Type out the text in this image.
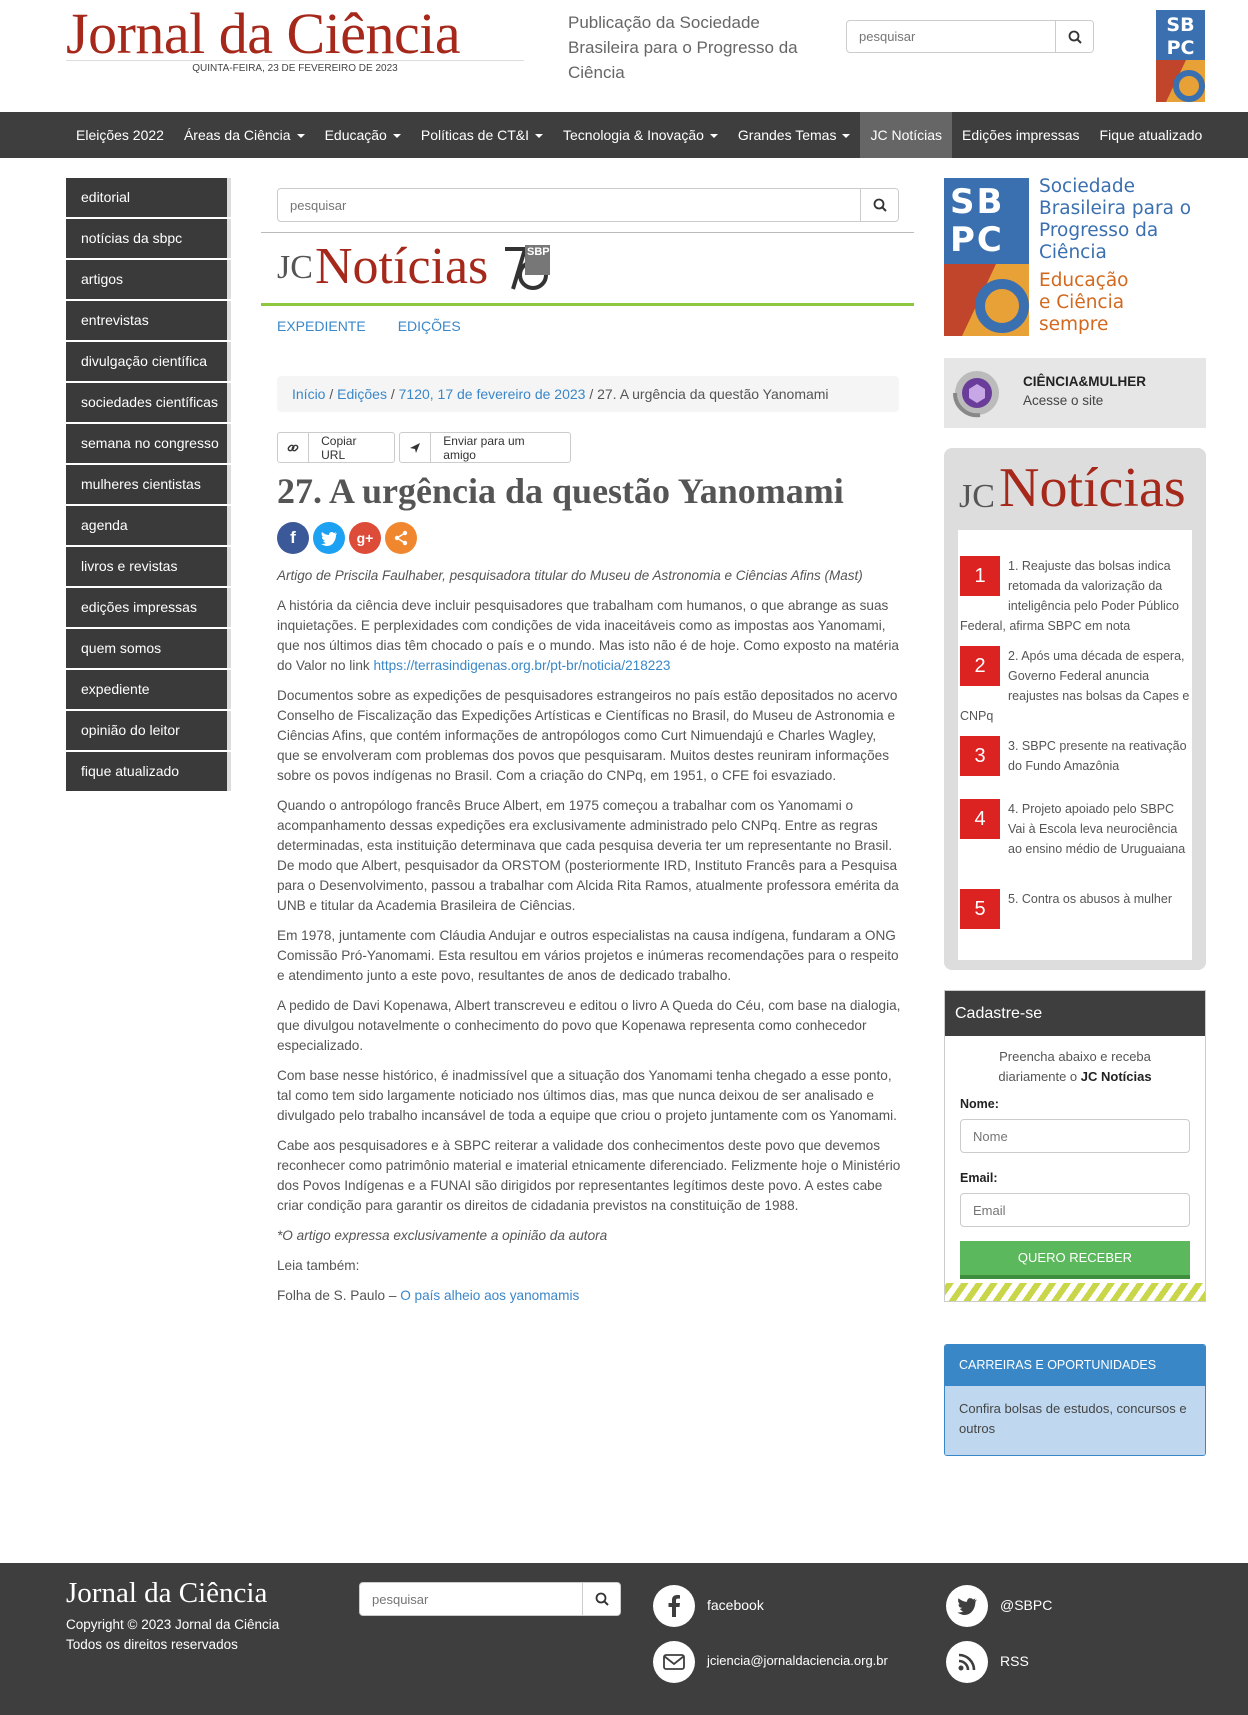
Jornal da Ciência
QUINTA-FEIRA, 23 DE FEVEREIRO DE 2023
Publicação da Sociedade Brasileira para o Progresso da Ciência
pesquisar
SB
PC
Eleições 2022	Áreas da Ciência	Educação	Políticas de CT&I	Tecnologia & Inovação	Grandes Temas	JC Notícias	Edições impressas	Fique atualizado
editorial
notícias da sbpc
artigos
entrevistas
divulgação científica
sociedades científicas
semana no congresso
mulheres cientistas
agenda
livros e revistas
edições impressas
quem somos
expediente
opinião do leitor
fique atualizado
pesquisar
JC Notícias	SBPC
EXPEDIENTE EDIÇÕES
Início / Edições / 7120, 17 de fevereiro de 2023 / 27. A urgência da questão Yanomami
Copiar URL
Enviar para um amigo
27. A urgência da questão Yanomami
f	g+
Artigo de Priscila Faulhaber, pesquisadora titular do Museu de Astronomia e Ciências Afins (Mast)

A história da ciência deve incluir pesquisadores que trabalham com humanos, o que abrange as suas inquietações. E perplexidades com condições de vida inaceitáveis como as impostas aos Yanomami, que nos últimos dias têm chocado o país e o mundo. Mas isto não é de hoje. Como exposto na matéria do Valor no link https://terrasindigenas.org.br/pt-br/noticia/218223

Documentos sobre as expedições de pesquisadores estrangeiros no país estão depositados no acervo Conselho de Fiscalização das Expedições Artísticas e Científicas no Brasil, do Museu de Astronomia e Ciências Afins, que contém informações de antropólogos como Curt Nimuendajú e Charles Wagley, que se envolveram com problemas dos povos que pesquisaram. Muitos destes reuniram informações sobre os povos indígenas no Brasil. Com a criação do CNPq, em 1951, o CFE foi esvaziado.

Quando o antropólogo francês Bruce Albert, em 1975 começou a trabalhar com os Yanomami o acompanhamento dessas expedições era exclusivamente administrado pelo CNPq. Entre as regras determinadas, esta instituição determinava que cada pesquisa deveria ter um representante no Brasil. De modo que Albert, pesquisador da ORSTOM (posteriormente IRD, Instituto Francês para a Pesquisa para o Desenvolvimento, passou a trabalhar com Alcida Rita Ramos, atualmente professora emérita da UNB e titular da Academia Brasileira de Ciências.

Em 1978, juntamente com Cláudia Andujar e outros especialistas na causa indígena, fundaram a ONG Comissão Pró-Yanomami. Esta resultou em vários projetos e inúmeras recomendações para o respeito e atendimento junto a este povo, resultantes de anos de dedicado trabalho.

A pedido de Davi Kopenawa, Albert transcreveu e editou o livro A Queda do Céu, com base na dialogia, que divulgou notavelmente o conhecimento do povo que Kopenawa representa como conhecedor especializado.

Com base nesse histórico, é inadmissível que a situação dos Yanomami tenha chegado a esse ponto, tal como tem sido largamente noticiado nos últimos dias, mas que nunca deixou de ser analisado e divulgado pelo trabalho incansável de toda a equipe que criou o projeto juntamente com os Yanomami.

Cabe aos pesquisadores e à SBPC reiterar a validade dos conhecimentos deste povo que devemos reconhecer como patrimônio material e imaterial etnicamente diferenciado. Felizmente hoje o Ministério dos Povos Indígenas e a FUNAI são dirigidos por representantes legítimos deste povo. A estes cabe criar condição para garantir os direitos de cidadania previstos na constituição de 1988.

*O artigo expressa exclusivamente a opinião da autora

Leia também:

Folha de S. Paulo – O país alheio aos yanomamis

SB
PC
Sociedade
Brasileira para o
Progresso da
Ciência
Educação
e Ciência
sempre
CIÊNCIA&MULHER
Acesse o site
JC Notícias
1	1. Reajuste das bolsas indica retomada da valorização da inteligência pelo Poder Público Federal, afirma SBPC em nota
2	2. Após uma década de espera, Governo Federal anuncia reajustes nas bolsas da Capes e CNPq
3	3. SBPC presente na reativação do Fundo Amazônia
4	4. Projeto apoiado pelo SBPC Vai à Escola leva neurociência ao ensino médio de Uruguaiana
5	5. Contra os abusos à mulher
Cadastre-se
Preencha abaixo e receba diariamente o JC Notícias
Nome:
Nome
Email:
Email
QUERO RECEBER
CARREIRAS E OPORTUNIDADES
Confira bolsas de estudos, concursos e outros
Jornal da Ciência
Copyright © 2023 Jornal da Ciência
Todos os direitos reservados
pesquisar
facebook	@SBPC
jciencia@jornaldaciencia.org.br	RSS
